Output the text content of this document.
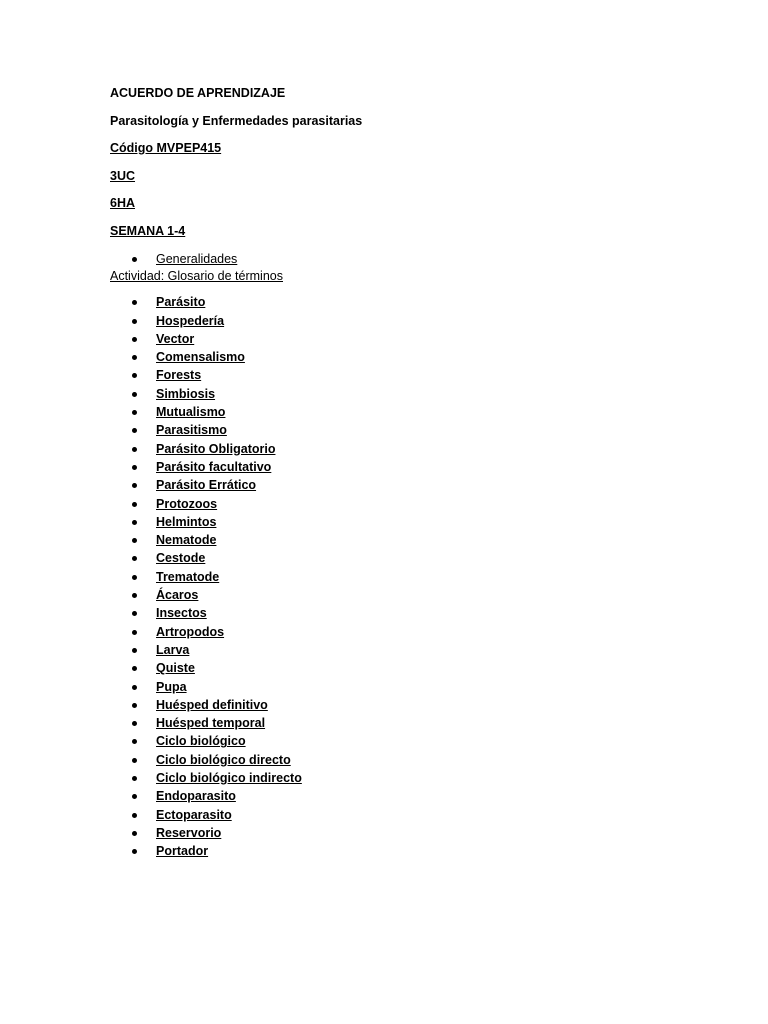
ACUERDO DE APRENDIZAJE

Parasitología y Enfermedades parasitarias

Código MVPEP415

3UC

6HA

SEMANA 1-4

Generalidades

Actividad: Glosario de términos

Parásito
Hospedería
Vector
Comensalismo
Forests
Simbiosis
Mutualismo
Parasitismo
Parásito Obligatorio
Parásito facultativo
Parásito Errático
Protozoos
Helmintos
Nematode
Cestode
Trematode
Ácaros
Insectos
Artropodos
Larva
Quiste
Pupa
Huésped definitivo
Huésped temporal
Ciclo biológico
Ciclo biológico directo
Ciclo biológico indirecto
Endoparasito
Ectoparasito
Reservorio
Portador
